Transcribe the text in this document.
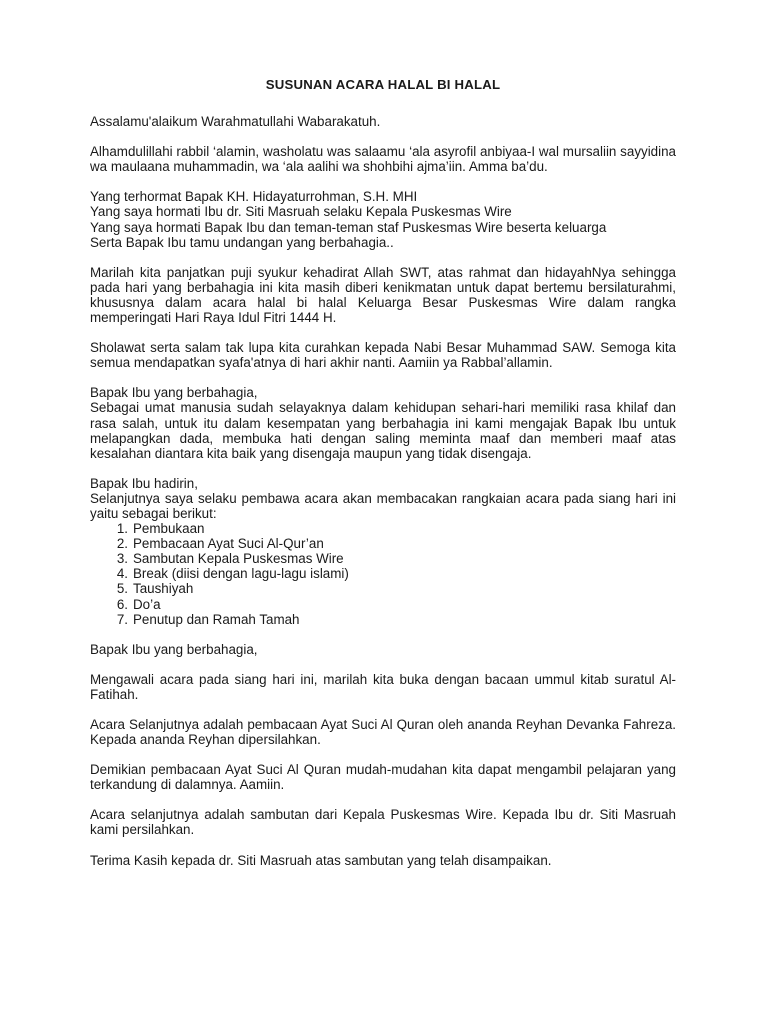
SUSUNAN ACARA HALAL BI HALAL

Assalamu'alaikum Warahmatullahi Wabarakatuh.

Alhamdulillahi rabbil ‘alamin, washolatu was salaamu ‘ala asyrofil anbiyaa-I wal mursaliin sayyidina wa maulaana muhammadin, wa ‘ala aalihi wa shohbihi ajma’iin. Amma ba’du.

Yang terhormat Bapak KH. Hidayaturrohman, S.H. MHI
Yang saya hormati Ibu dr. Siti Masruah selaku Kepala Puskesmas Wire
Yang saya hormati Bapak Ibu dan teman-teman staf Puskesmas Wire beserta keluarga
Serta Bapak Ibu tamu undangan yang berbahagia..

Marilah kita panjatkan puji syukur kehadirat Allah SWT, atas rahmat dan hidayahNya sehingga pada hari yang berbahagia ini kita masih diberi kenikmatan untuk dapat bertemu bersilaturahmi, khususnya dalam acara halal bi halal Keluarga Besar Puskesmas Wire dalam rangka memperingati Hari Raya Idul Fitri 1444 H.

Sholawat serta salam tak lupa kita curahkan kepada Nabi Besar Muhammad SAW. Semoga kita semua mendapatkan syafa'atnya di hari akhir nanti. Aamiin ya Rabbal’allamin.

Bapak Ibu yang berbahagia,

Sebagai umat manusia sudah selayaknya dalam kehidupan sehari-hari memiliki rasa khilaf dan rasa salah, untuk itu dalam kesempatan yang berbahagia ini kami mengajak Bapak Ibu untuk melapangkan dada, membuka hati dengan saling meminta maaf dan memberi maaf atas kesalahan diantara kita baik yang disengaja maupun yang tidak disengaja.

Bapak Ibu hadirin,

Selanjutnya saya selaku pembawa acara akan membacakan rangkaian acara pada siang hari ini yaitu sebagai berikut:

1. Pembukaan
2. Pembacaan Ayat Suci Al-Qur’an
3. Sambutan Kepala Puskesmas Wire
4. Break (diisi dengan lagu-lagu islami)
5. Taushiyah
6. Do’a
7. Penutup dan Ramah Tamah

Bapak Ibu yang berbahagia,

Mengawali acara pada siang hari ini, marilah kita buka dengan bacaan ummul kitab suratul Al-Fatihah.

Acara Selanjutnya adalah pembacaan Ayat Suci Al Quran oleh ananda Reyhan Devanka Fahreza. Kepada ananda Reyhan dipersilahkan.

Demikian pembacaan Ayat Suci Al Quran mudah-mudahan kita dapat mengambil pelajaran yang terkandung di dalamnya. Aamiin.

Acara selanjutnya adalah sambutan dari Kepala Puskesmas Wire. Kepada Ibu dr. Siti Masruah kami persilahkan.

Terima Kasih kepada dr. Siti Masruah atas sambutan yang telah disampaikan.
